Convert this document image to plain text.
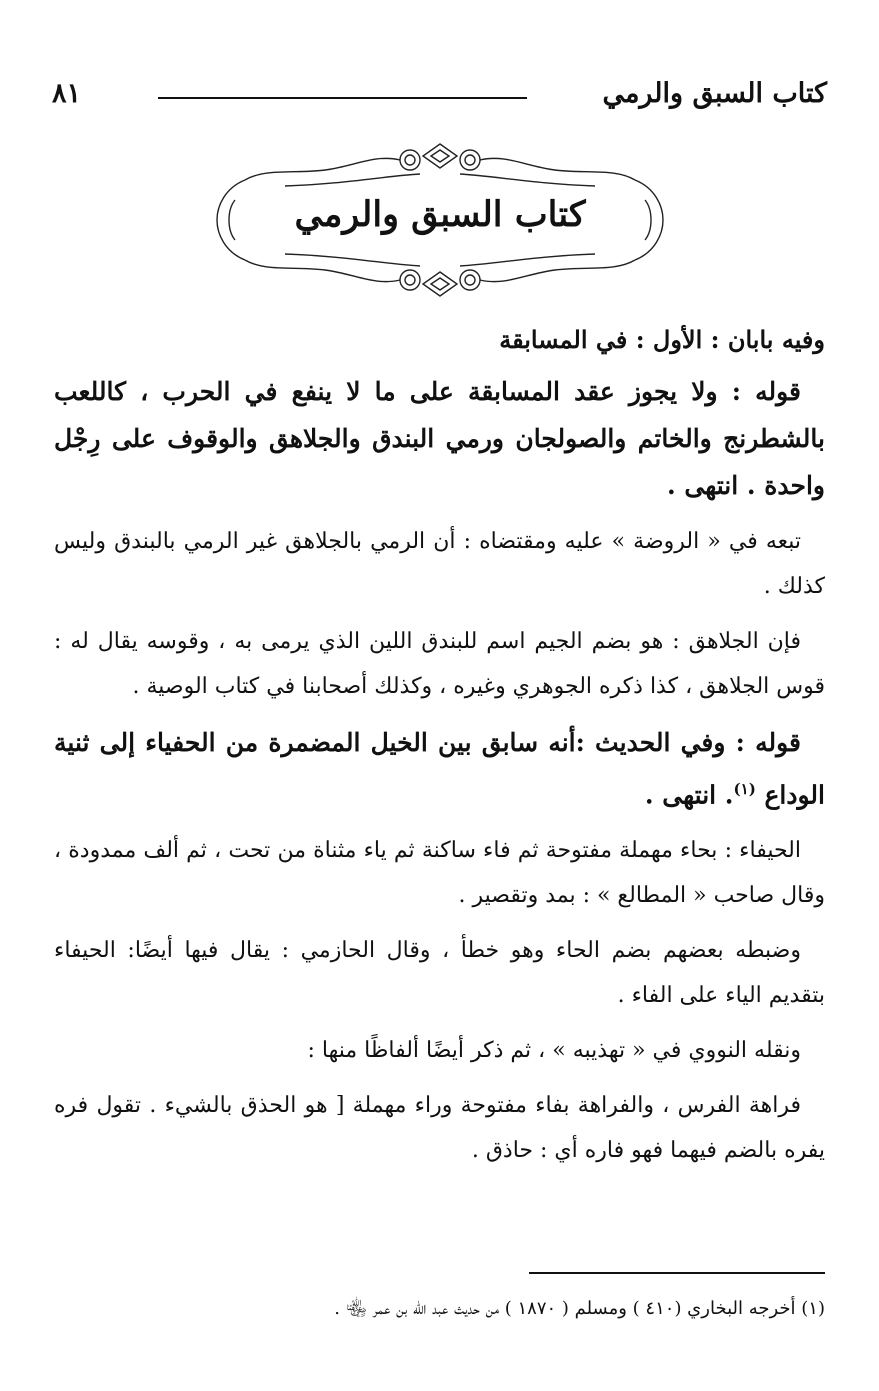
كتاب السبق والرمي
٨١
كتاب السبق والرمي

وفيه بابان : الأول : في المسابقة

قوله : ولا يجوز عقد المسابقة على ما لا ينفع في الحرب ، كاللعب بالشطرنج والخاتم والصولجان ورمي البندق والجلاهق والوقوف على رِجْل واحدة . انتهى .

تبعه في « الروضة » عليه ومقتضاه : أن الرمي بالجلاهق غير الرمي بالبندق وليس كذلك .

فإن الجلاهق : هو بضم الجيم اسم للبندق اللين الذي يرمى به ، وقوسه يقال له : قوس الجلاهق ، كذا ذكره الجوهري وغيره ، وكذلك أصحابنا في كتاب الوصية .

قوله : وفي الحديث :أنه سابق بين الخيل المضمرة من الحفياء إلى ثنية الوداع $^{(١)}$. انتهى .

الحيفاء : بحاء مهملة مفتوحة ثم فاء ساكنة ثم ياء مثناة من تحت ، ثم ألف ممدودة ، وقال صاحب « المطالع » : بمد وتقصير .

وضبطه بعضهم بضم الحاء وهو خطأ ، وقال الحازمي : يقال فيها أيضًا: الحيفاء بتقديم الياء على الفاء .

ونقله النووي في « تهذيبه » ، ثم ذكر أيضًا ألفاظًا منها :

فراهة الفرس ، والفراهة بفاء مفتوحة وراء مهملة [ هو الحذق بالشيء . تقول فره يفره بالضم فيهما فهو فاره أي : حاذق .

(١) أخرجه البخاري (٤١٠ ) ومسلم ( ١٨٧٠ ) من حديث عبد الله بن عمر ﵄ .
